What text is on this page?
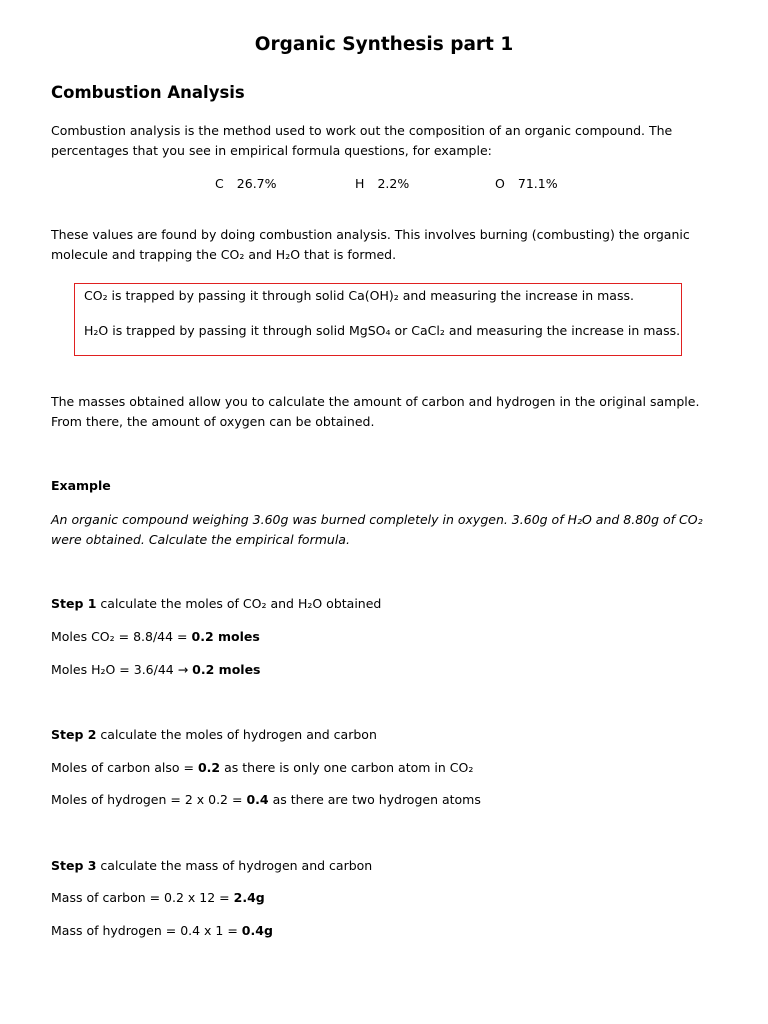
Organic Synthesis part 1
Combustion Analysis
Combustion analysis is the method used to work out the composition of an organic compound. The percentages that you see in empirical formula questions, for example:
C 26.7%	H 2.2%	O 71.1%
These values are found by doing combustion analysis. This involves burning (combusting) the organic molecule and trapping the CO₂ and H₂O that is formed.
CO₂ is trapped by passing it through solid Ca(OH)₂ and measuring the increase in mass.
H₂O is trapped by passing it through solid MgSO₄ or CaCl₂ and measuring the increase in mass.
The masses obtained allow you to calculate the amount of carbon and hydrogen in the original sample. From there, the amount of oxygen can be obtained.
Example
An organic compound weighing 3.60g was burned completely in oxygen. 3.60g of H₂O and 8.80g of CO₂ were obtained. Calculate the empirical formula.
Step 1 calculate the moles of CO₂ and H₂O obtained
Moles CO₂ = 8.8/44 = 0.2 moles
Moles H₂O = 3.6/44 → 0.2 moles
Step 2 calculate the moles of hydrogen and carbon
Moles of carbon also = 0.2 as there is only one carbon atom in CO₂
Moles of hydrogen = 2 x 0.2 = 0.4 as there are two hydrogen atoms
Step 3 calculate the mass of hydrogen and carbon
Mass of carbon = 0.2 x 12 = 2.4g
Mass of hydrogen = 0.4 x 1 = 0.4g
